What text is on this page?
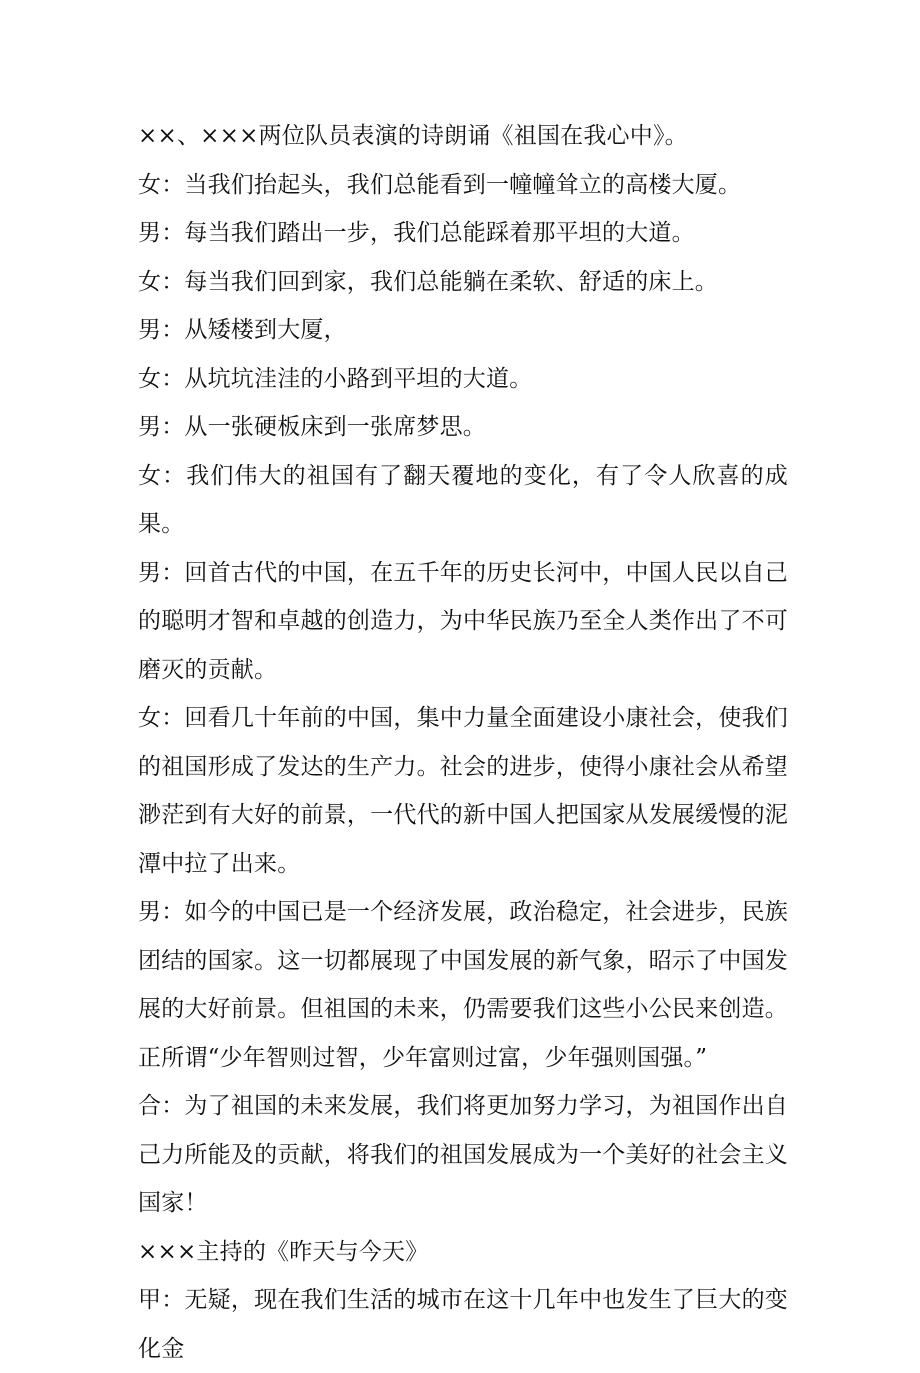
××、×××两位队员表演的诗朗诵《祖国在我心中》。

女：当我们抬起头，我们总能看到一幢幢耸立的高楼大厦。

男：每当我们踏出一步，我们总能踩着那平坦的大道。

女：每当我们回到家，我们总能躺在柔软、舒适的床上。

男：从矮楼到大厦，

女：从坑坑洼洼的小路到平坦的大道。

男：从一张硬板床到一张席梦思。

女：我们伟大的祖国有了翻天覆地的变化，有了令人欣喜的成果。

男：回首古代的中国，在五千年的历史长河中，中国人民以自己的聪明才智和卓越的创造力，为中华民族乃至全人类作出了不可磨灭的贡献。

女：回看几十年前的中国，集中力量全面建设小康社会，使我们的祖国形成了发达的生产力。社会的进步，使得小康社会从希望渺茫到有大好的前景，一代代的新中国人把国家从发展缓慢的泥潭中拉了出来。

男：如今的中国已是一个经济发展，政治稳定，社会进步，民族团结的国家。这一切都展现了中国发展的新气象，昭示了中国发展的大好前景。但祖国的未来，仍需要我们这些小公民来创造。正所谓“少年智则过智，少年富则过富，少年强则国强。”

合：为了祖国的未来发展，我们将更加努力学习，为祖国作出自己力所能及的贡献，将我们的祖国发展成为一个美好的社会主义国家！

×××主持的《昨天与今天》

甲：无疑，现在我们生活的城市在这十几年中也发生了巨大的变化金
